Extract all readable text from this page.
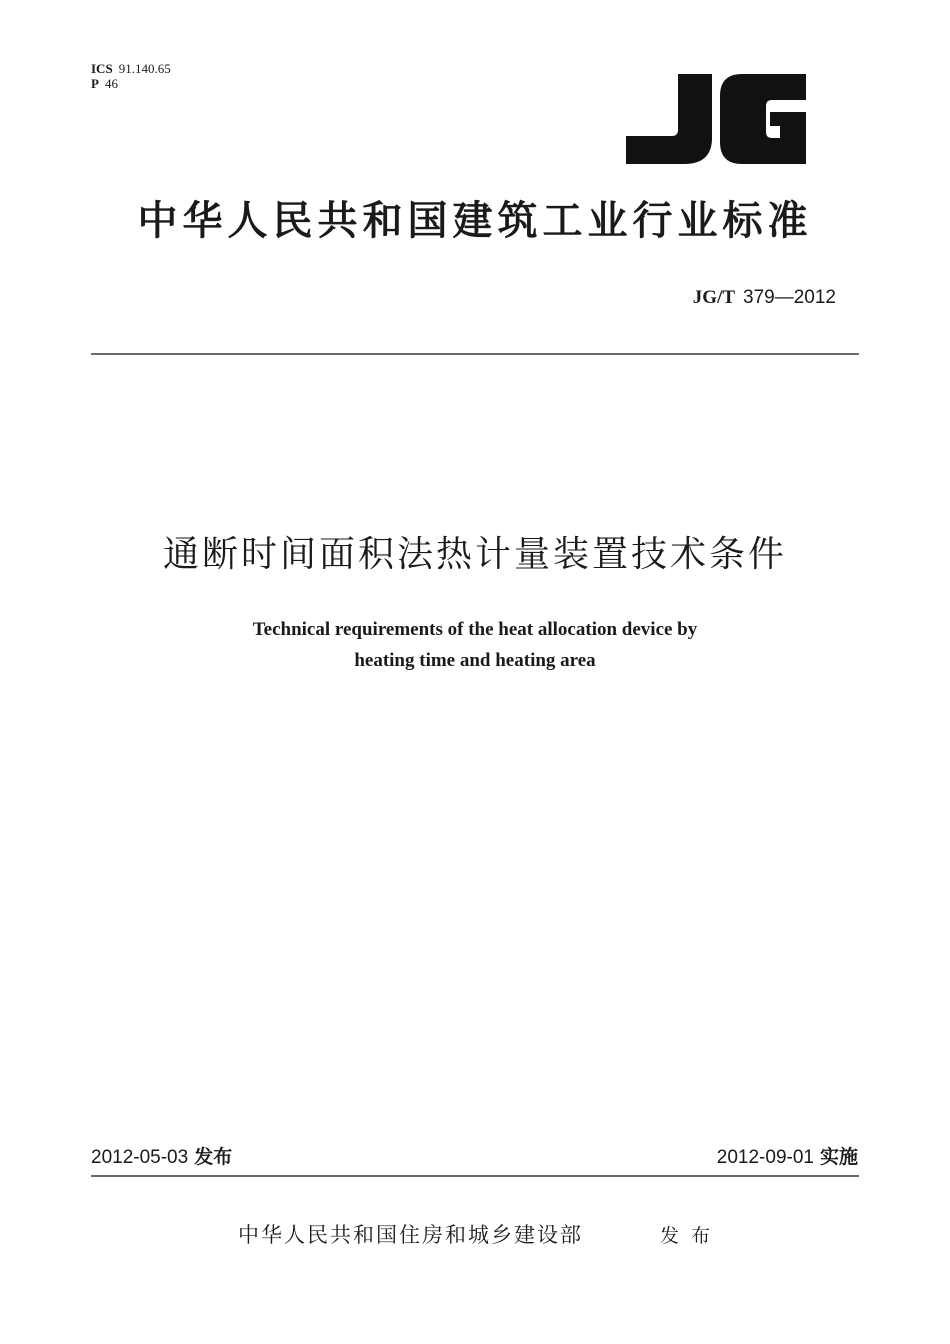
ICS 91.140.65
P 46
中华人民共和国建筑工业行业标准
JG/T 379—2012
通断时间面积法热计量装置技术条件
Technical requirements of the heat allocation device by
heating time and heating area
2012-05-03 发布	2012-09-01 实施
中华人民共和国住房和城乡建设部	发布
